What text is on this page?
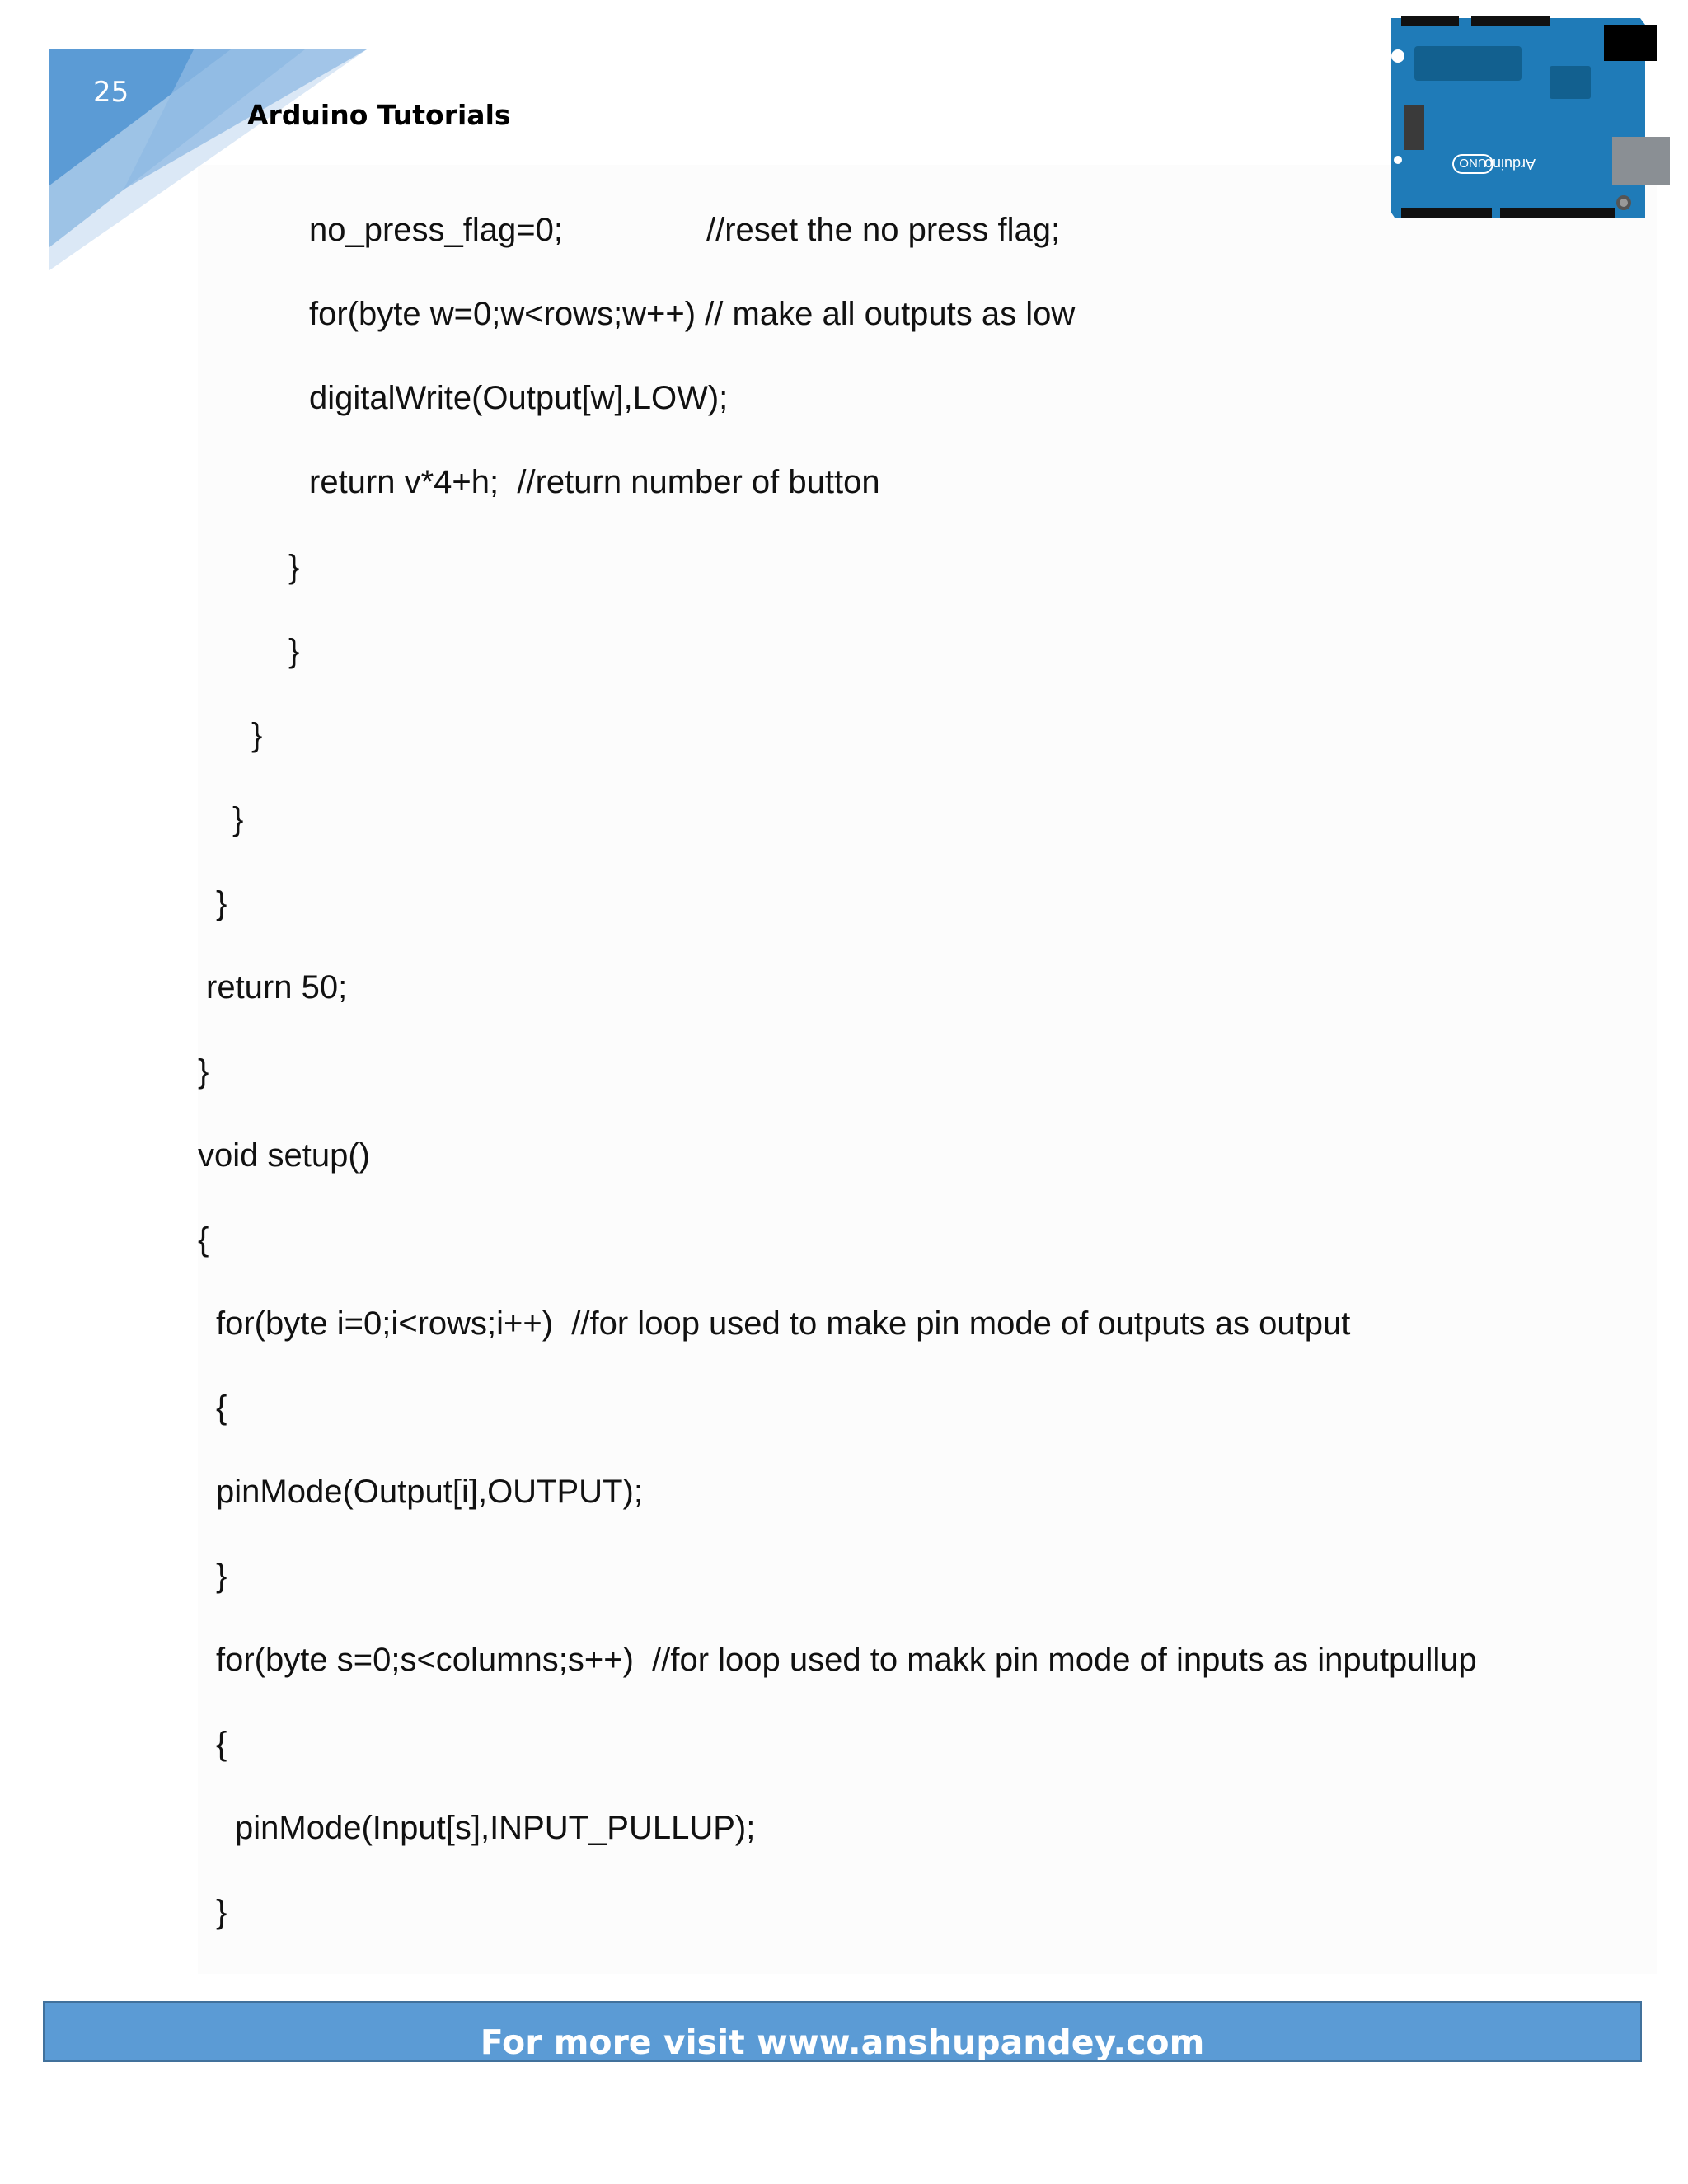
25
Arduino Tutorials
Arduino
UNO
no_press_flag=0;	//reset the no press flag;
for(byte w=0;w<rows;w++) // make all outputs as low
digitalWrite(Output[w],LOW);
return v*4+h;  //return number of button
}
}
}
}
}
return 50;
}
void setup()
{
for(byte i=0;i<rows;i++)  //for loop used to make pin mode of outputs as output
{
pinMode(Output[i],OUTPUT);
}
for(byte s=0;s<columns;s++)  //for loop used to makk pin mode of inputs as inputpullup
{
pinMode(Input[s],INPUT_PULLUP);
}
For more visit www.anshupandey.com
